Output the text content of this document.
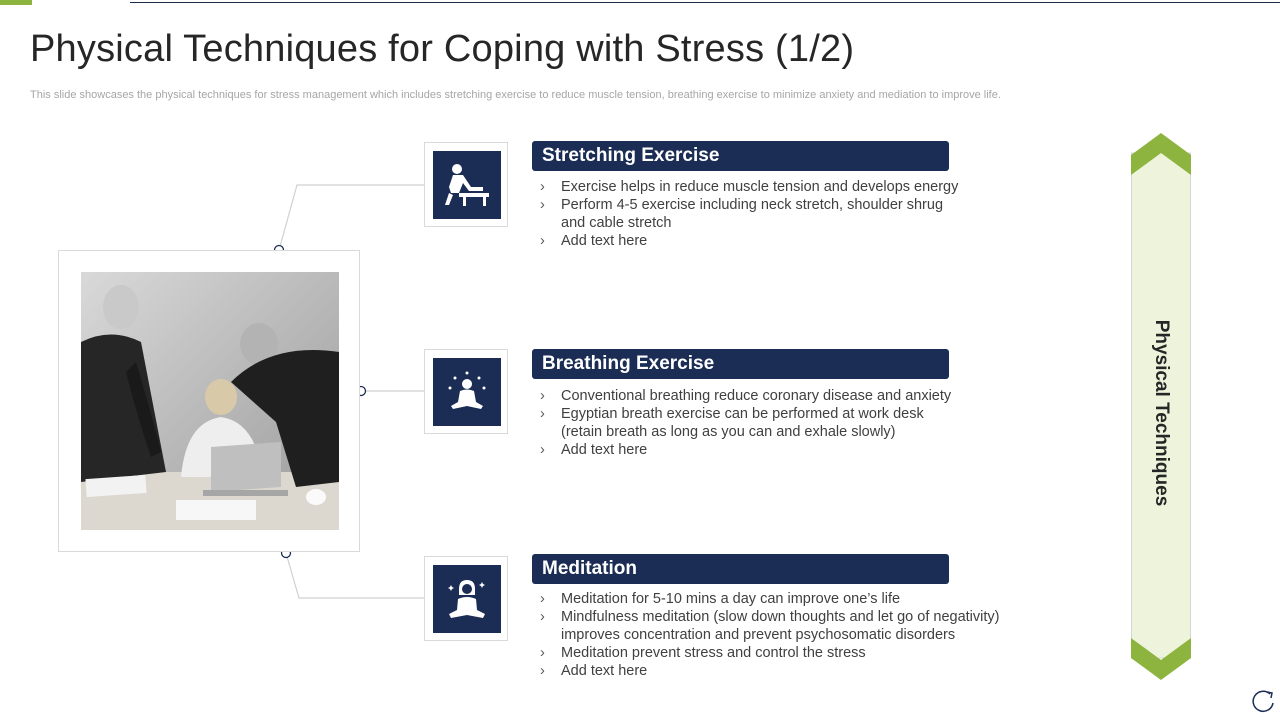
Physical Techniques for Coping with Stress (1/2)
This slide showcases the physical techniques for stress management which includes stretching exercise to reduce muscle tension, breathing exercise to minimize anxiety and mediation to improve life.
Stretching Exercise
› Exercise helps in reduce muscle tension and develops energy
› Perform 4-5 exercise including neck stretch, shoulder shrug and cable stretch
› Add text here
Breathing Exercise
› Conventional breathing reduce coronary disease and anxiety
› Egyptian breath exercise can be performed at work desk (retain breath as long as you can and exhale slowly)
› Add text here
Meditation
› Meditation for 5-10 mins a day can improve one’s life
› Mindfulness meditation (slow down thoughts and let go of negativity) improves concentration and prevent psychosomatic disorders
› Meditation prevent stress and control the stress
› Add text here
Physical Techniques
